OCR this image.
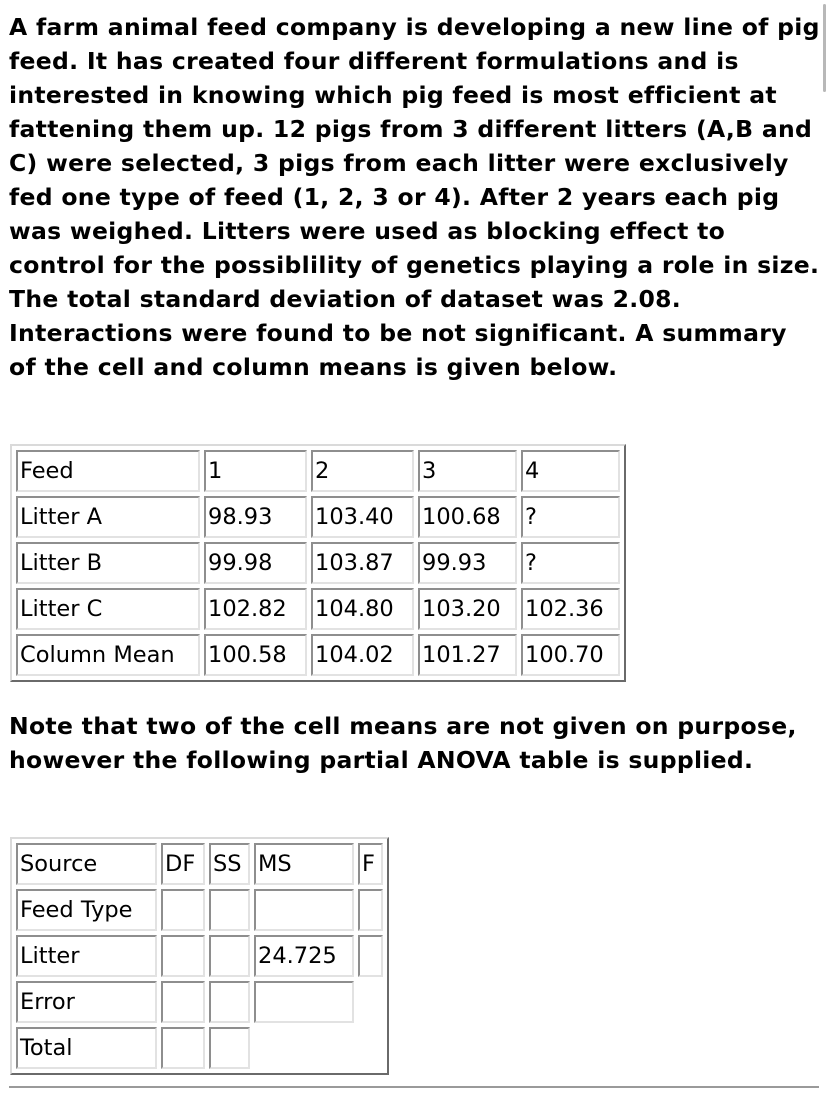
A farm animal feed company is developing a new line of pig feed. It has created four different formulations and is interested in knowing which pig feed is most efficient at fattening them up. 12 pigs from 3 different litters (A,B and C) were selected, 3 pigs from each litter were exclusively fed one type of feed (1, 2, 3 or 4). After 2 years each pig was weighed. Litters were used as blocking effect to control for the possiblility of genetics playing a role in size. The total standard deviation of dataset was 2.08. Interactions were found to be not significant. A summary of the cell and column means is given below.

Feed	1	2	3	4
Litter A	98.93	103.40	100.68	?
Litter B	99.98	103.87	99.93	?
Litter C	102.82	104.80	103.20	102.36
Column Mean	100.58	104.02	101.27	100.70

Note that two of the cell means are not given on purpose, however the following partial ANOVA table is supplied.

Source	DF	SS	MS	F
Feed Type				
Litter			24.725	
Error				
Total				
